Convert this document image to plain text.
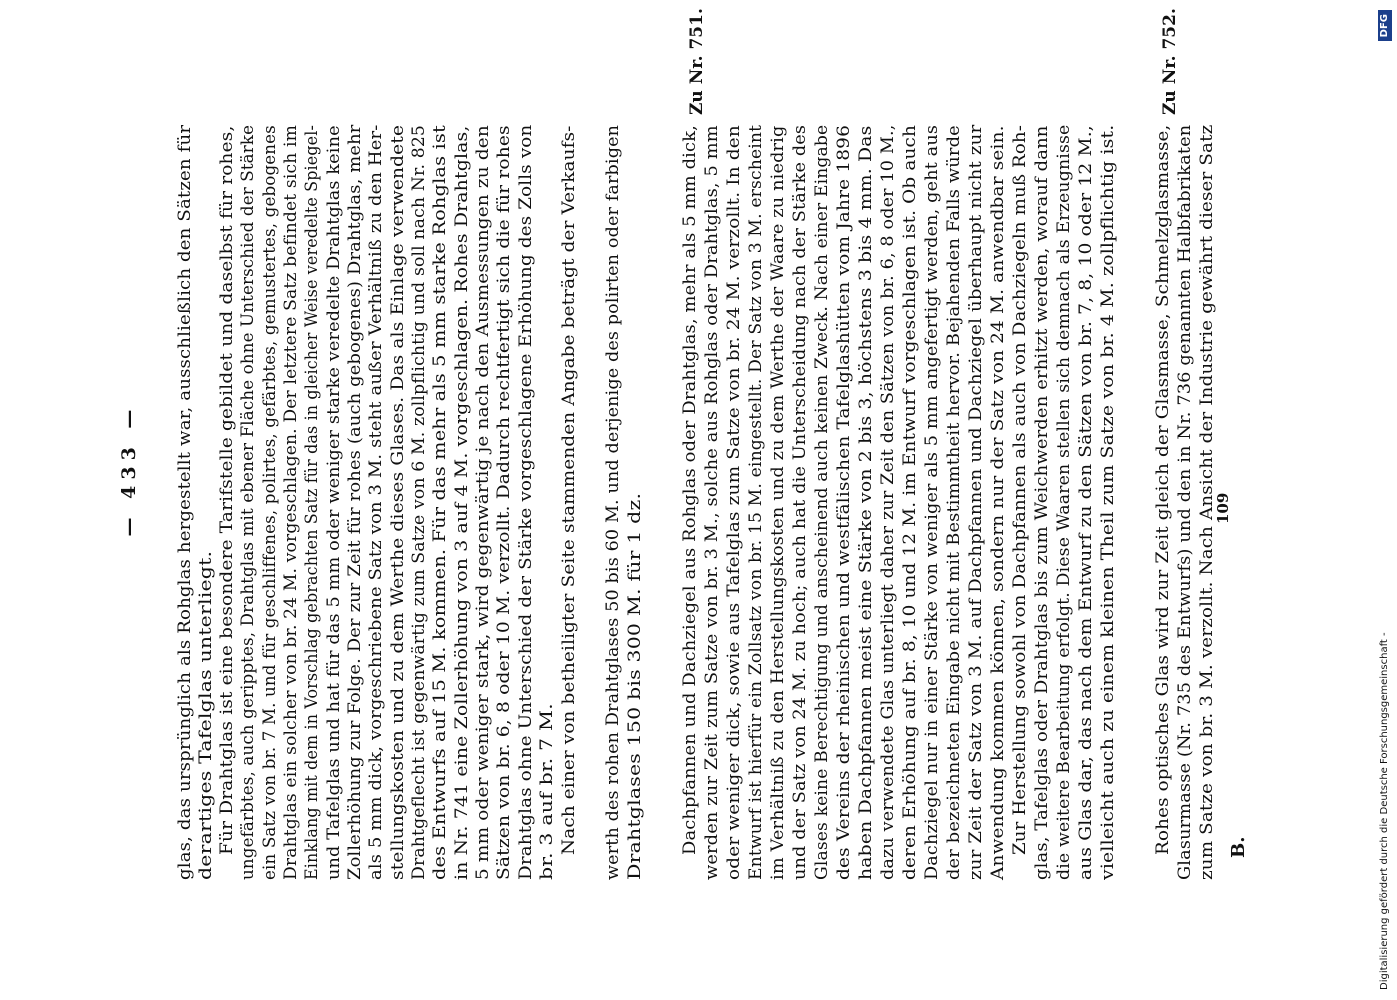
— 433 — glas, das ursprünglich als Rohglas hergestellt war, ausschließlich den Sätzen für derartiges Tafelglas unterliegt. Für Drahtglas ist eine besondere Tarifstelle gebildet und daselbst für rohes, ungefärbtes, auch geripptes, Drahtglas mit ebener Fläche ohne Unterschied der Stärke ein Satz von br. 7 M. und für geschliffenes, polirtes, gefärbtes, gemustertes, gebogenes Drahtglas ein solcher von br. 24 M. vorgeschlagen. Der letztere Satz befindet sich im Einklang mit dem in Vorschlag gebrachten Satz für das in gleicher Weise veredelte Spiegel- und Tafelglas und hat für das 5 mm oder weniger starke veredelte Drahtglas keine Zollerhöhung zur Folge. Der zur Zeit für rohes (auch gebogenes) Drahtglas, mehr als 5 mm dick, vorgeschriebene Satz von 3 M. steht außer Verhältniß zu den Her- stellungskosten und zu dem Werthe dieses Glases. Das als Einlage verwendete Drahtgeflecht ist gegenwärtig zum Satze von 6 M. zollpflichtig und soll nach Nr. 825 des Entwurfs auf 15 M. kommen. Für das mehr als 5 mm starke Rohglas ist in Nr. 741 eine Zollerhöhung von 3 auf 4 M. vorgeschlagen. Rohes Drahtglas, 5 mm oder weniger stark, wird gegenwärtig je nach den Ausmessungen zu den Sätzen von br. 6, 8 oder 10 M. verzollt. Dadurch rechtfertigt sich die für rohes Drahtglas ohne Unterschied der Stärke vorgeschlagene Erhöhung des Zolls von br. 3 auf br. 7 M. Nach einer von betheiligter Seite stammenden Angabe beträgt der Verkaufs- werth des rohen Drahtglases 50 bis 60 M. und derjenige des polirten oder farbigen Drahtglases 150 bis 300 M. für 1 dz. Dachpfannen und Dachziegel aus Rohglas oder Drahtglas, mehr als 5 mm dick, werden zur Zeit zum Satze von br. 3 M., solche aus Rohglas oder Drahtglas, 5 mm oder weniger dick, sowie aus Tafelglas zum Satze von br. 24 M. verzollt. In den Entwurf ist hierfür ein Zollsatz von br. 15 M. eingestellt. Der Satz von 3 M. erscheint im Verhältniß zu den Herstellungskosten und zu dem Werthe der Waare zu niedrig und der Satz von 24 M. zu hoch; auch hat die Unterscheidung nach der Stärke des Glases keine Berechtigung und anscheinend auch keinen Zweck. Nach einer Eingabe des Vereins der rheinischen und westfälischen Tafelglashütten vom Jahre 1896 haben Dachpfannen meist eine Stärke von 2 bis 3, höchstens 3 bis 4 mm. Das dazu verwendete Glas unterliegt daher zur Zeit den Sätzen von br. 6, 8 oder 10 M., deren Erhöhung auf br. 8, 10 und 12 M. im Entwurf vorgeschlagen ist. Ob auch Dachziegel nur in einer Stärke von weniger als 5 mm angefertigt werden, geht aus der bezeichneten Eingabe nicht mit Bestimmtheit hervor. Bejahenden Falls würde zur Zeit der Satz von 3 M. auf Dachpfannen und Dachziegel überhaupt nicht zur Anwendung kommen können, sondern nur der Satz von 24 M. anwendbar sein. Zur Herstellung sowohl von Dachpfannen als auch von Dachziegeln muß Roh- glas, Tafelglas oder Drahtglas bis zum Weichwerden erhitzt werden, worauf dann die weitere Bearbeitung erfolgt. Diese Waaren stellen sich demnach als Erzeugnisse aus Glas dar, das nach dem Entwurf zu den Sätzen von br. 7, 8, 10 oder 12 M., vielleicht auch zu einem kleinen Theil zum Satze von br. 4 M. zollpflichtig ist. Rohes optisches Glas wird zur Zeit gleich der Glasmasse, Schmelzglasmasse, Glasurmasse (Nr. 735 des Entwurfs) und den in Nr. 736 genannten Halbfabrikaten zum Satze von br. 3 M. verzollt. Nach Ansicht der Industrie gewährt dieser Satz
Zu Nr. 751.	Zu Nr. 752.
109
B.	Digitalisierung gefördert durch die Deutsche Forschungsgemeinschaft -
DFG
